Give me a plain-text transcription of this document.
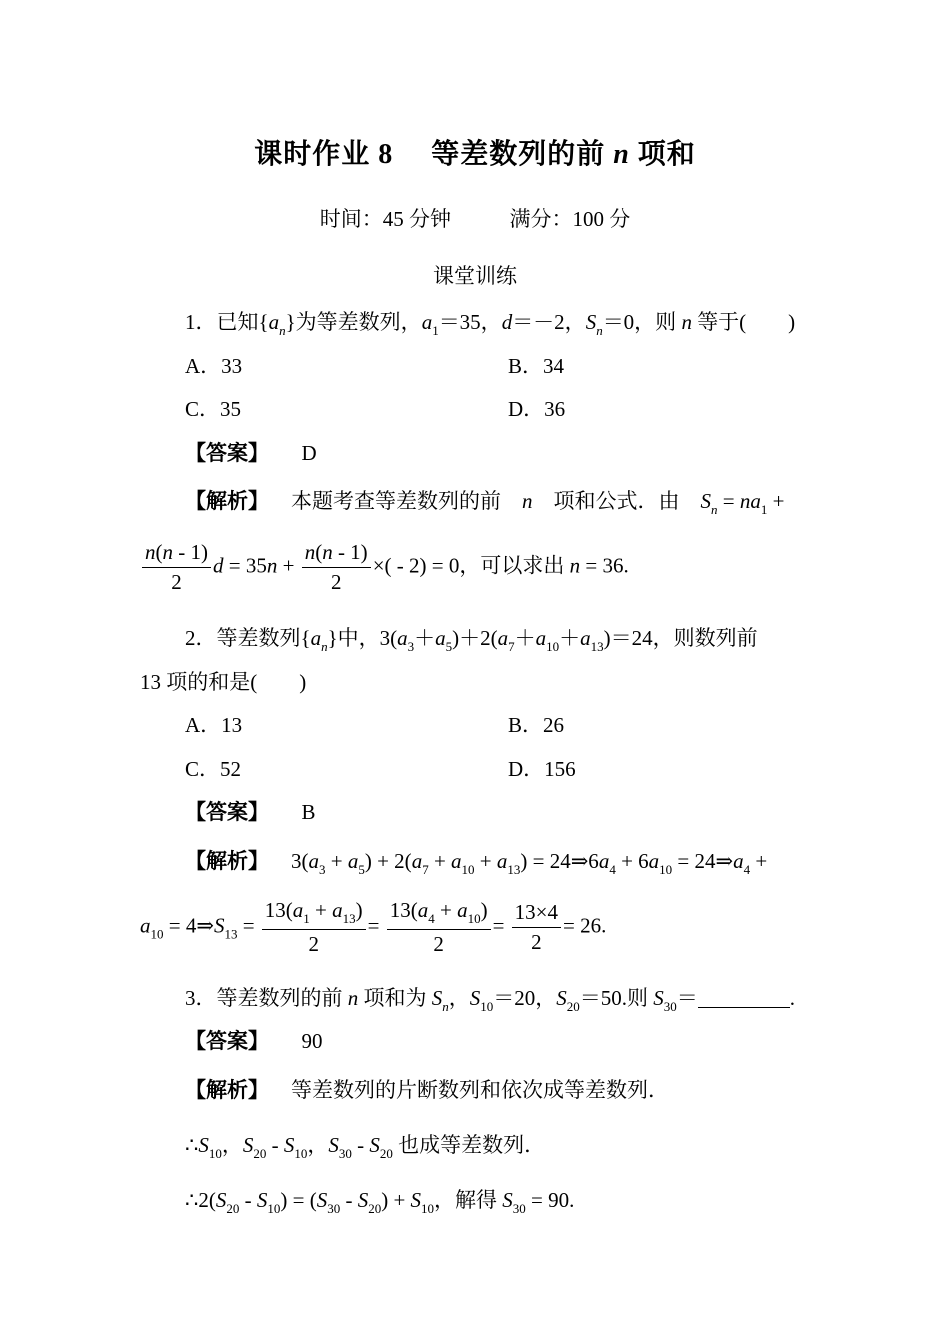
课时作业 8 等差数列的前 n 项和
时间：45 分钟	满分：100 分
课堂训练
1．已知$\{a_n\}$为等差数列，$a_1=35$，d＝－2，$S_n=0$，则 n 等于(　　)
A．33	B．34
C．35	D．36
【答案】 D
【解析】 本题考查等差数列的前　n　项和公式．由　$S_n = na_1$ +
$\frac{n(n - 1)}{2}$ $d = 35n + \frac{n(n - 1)}{2}$ ×( - 2) = 0，可以求出 n = 36.
2．等差数列$\{a_n\}$中，$3(a_3+a_5)+2(a_7+a_{10}+a_{13})=24$，则数列前
13 项的和是(　　)
A．13	B．26
C．52	D．156
【答案】 B
【解析】 $3(a_3 + a_5) + 2(a_7 + a_{10} + a_{13})$ = $24\Rightarrow 6a_4 + 6a_{10}$ = $24\Rightarrow a_4$ +
$a_{10}$ = $4\Rightarrow S_{13} = \frac{13(a_1 + a_{13})}{2} = \frac{13(a_4 + a_{10})}{2} = \frac{13\times 4}{2} = 26$.
3．等差数列的前 n 项和为 $S_n$，$S_{10}=20$，$S_{20}=50$.则 $S_{30}=$	.
【答案】 90
【解析】 等差数列的片断数列和依次成等差数列．
$\therefore S_{10}$，$S_{20} - S_{10}$，$S_{30} - S_{20}$ 也成等差数列．
$\therefore 2(S_{20} - S_{10}) = (S_{30} - S_{20}) + S_{10}$，解得 $S_{30} = 90$.
